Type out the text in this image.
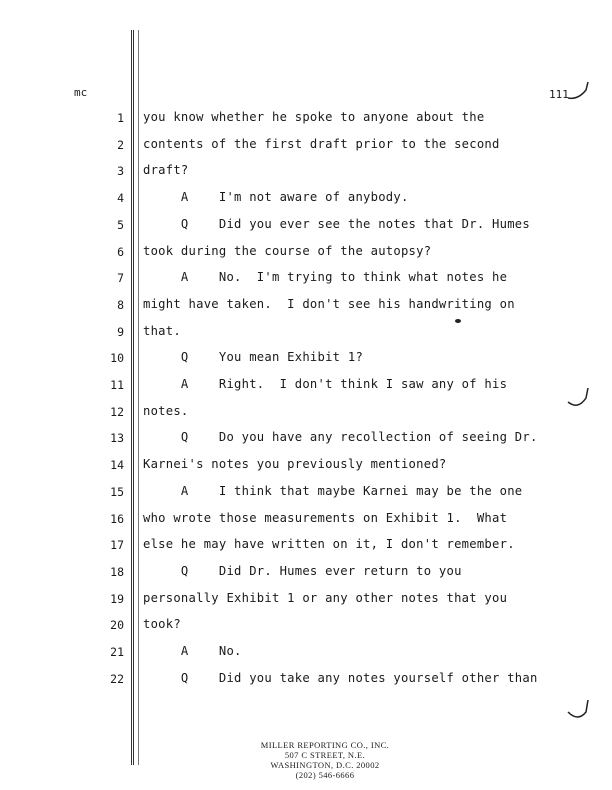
mc	111
1 you know whether he spoke to anyone about the
2 contents of the first draft prior to the second
3 draft?
4 A    I'm not aware of anybody.
5 Q    Did you ever see the notes that Dr. Humes
6 took during the course of the autopsy?
7 A    No.  I'm trying to think what notes he
8 might have taken.  I don't see his handwriting on
9 that.
10 Q    You mean Exhibit 1?
11 A    Right.  I don't think I saw any of his
12 notes.
13 Q    Do you have any recollection of seeing Dr.
14 Karnei's notes you previously mentioned?
15 A    I think that maybe Karnei may be the one
16 who wrote those measurements on Exhibit 1.  What
17 else he may have written on it, I don't remember.
18 Q    Did Dr. Humes ever return to you
19 personally Exhibit 1 or any other notes that you
20 took?
21 A    No.
22 Q    Did you take any notes yourself other than
MILLER REPORTING CO., INC.
507 C STREET, N.E.
WASHINGTON, D.C. 20002
(202) 546-6666
